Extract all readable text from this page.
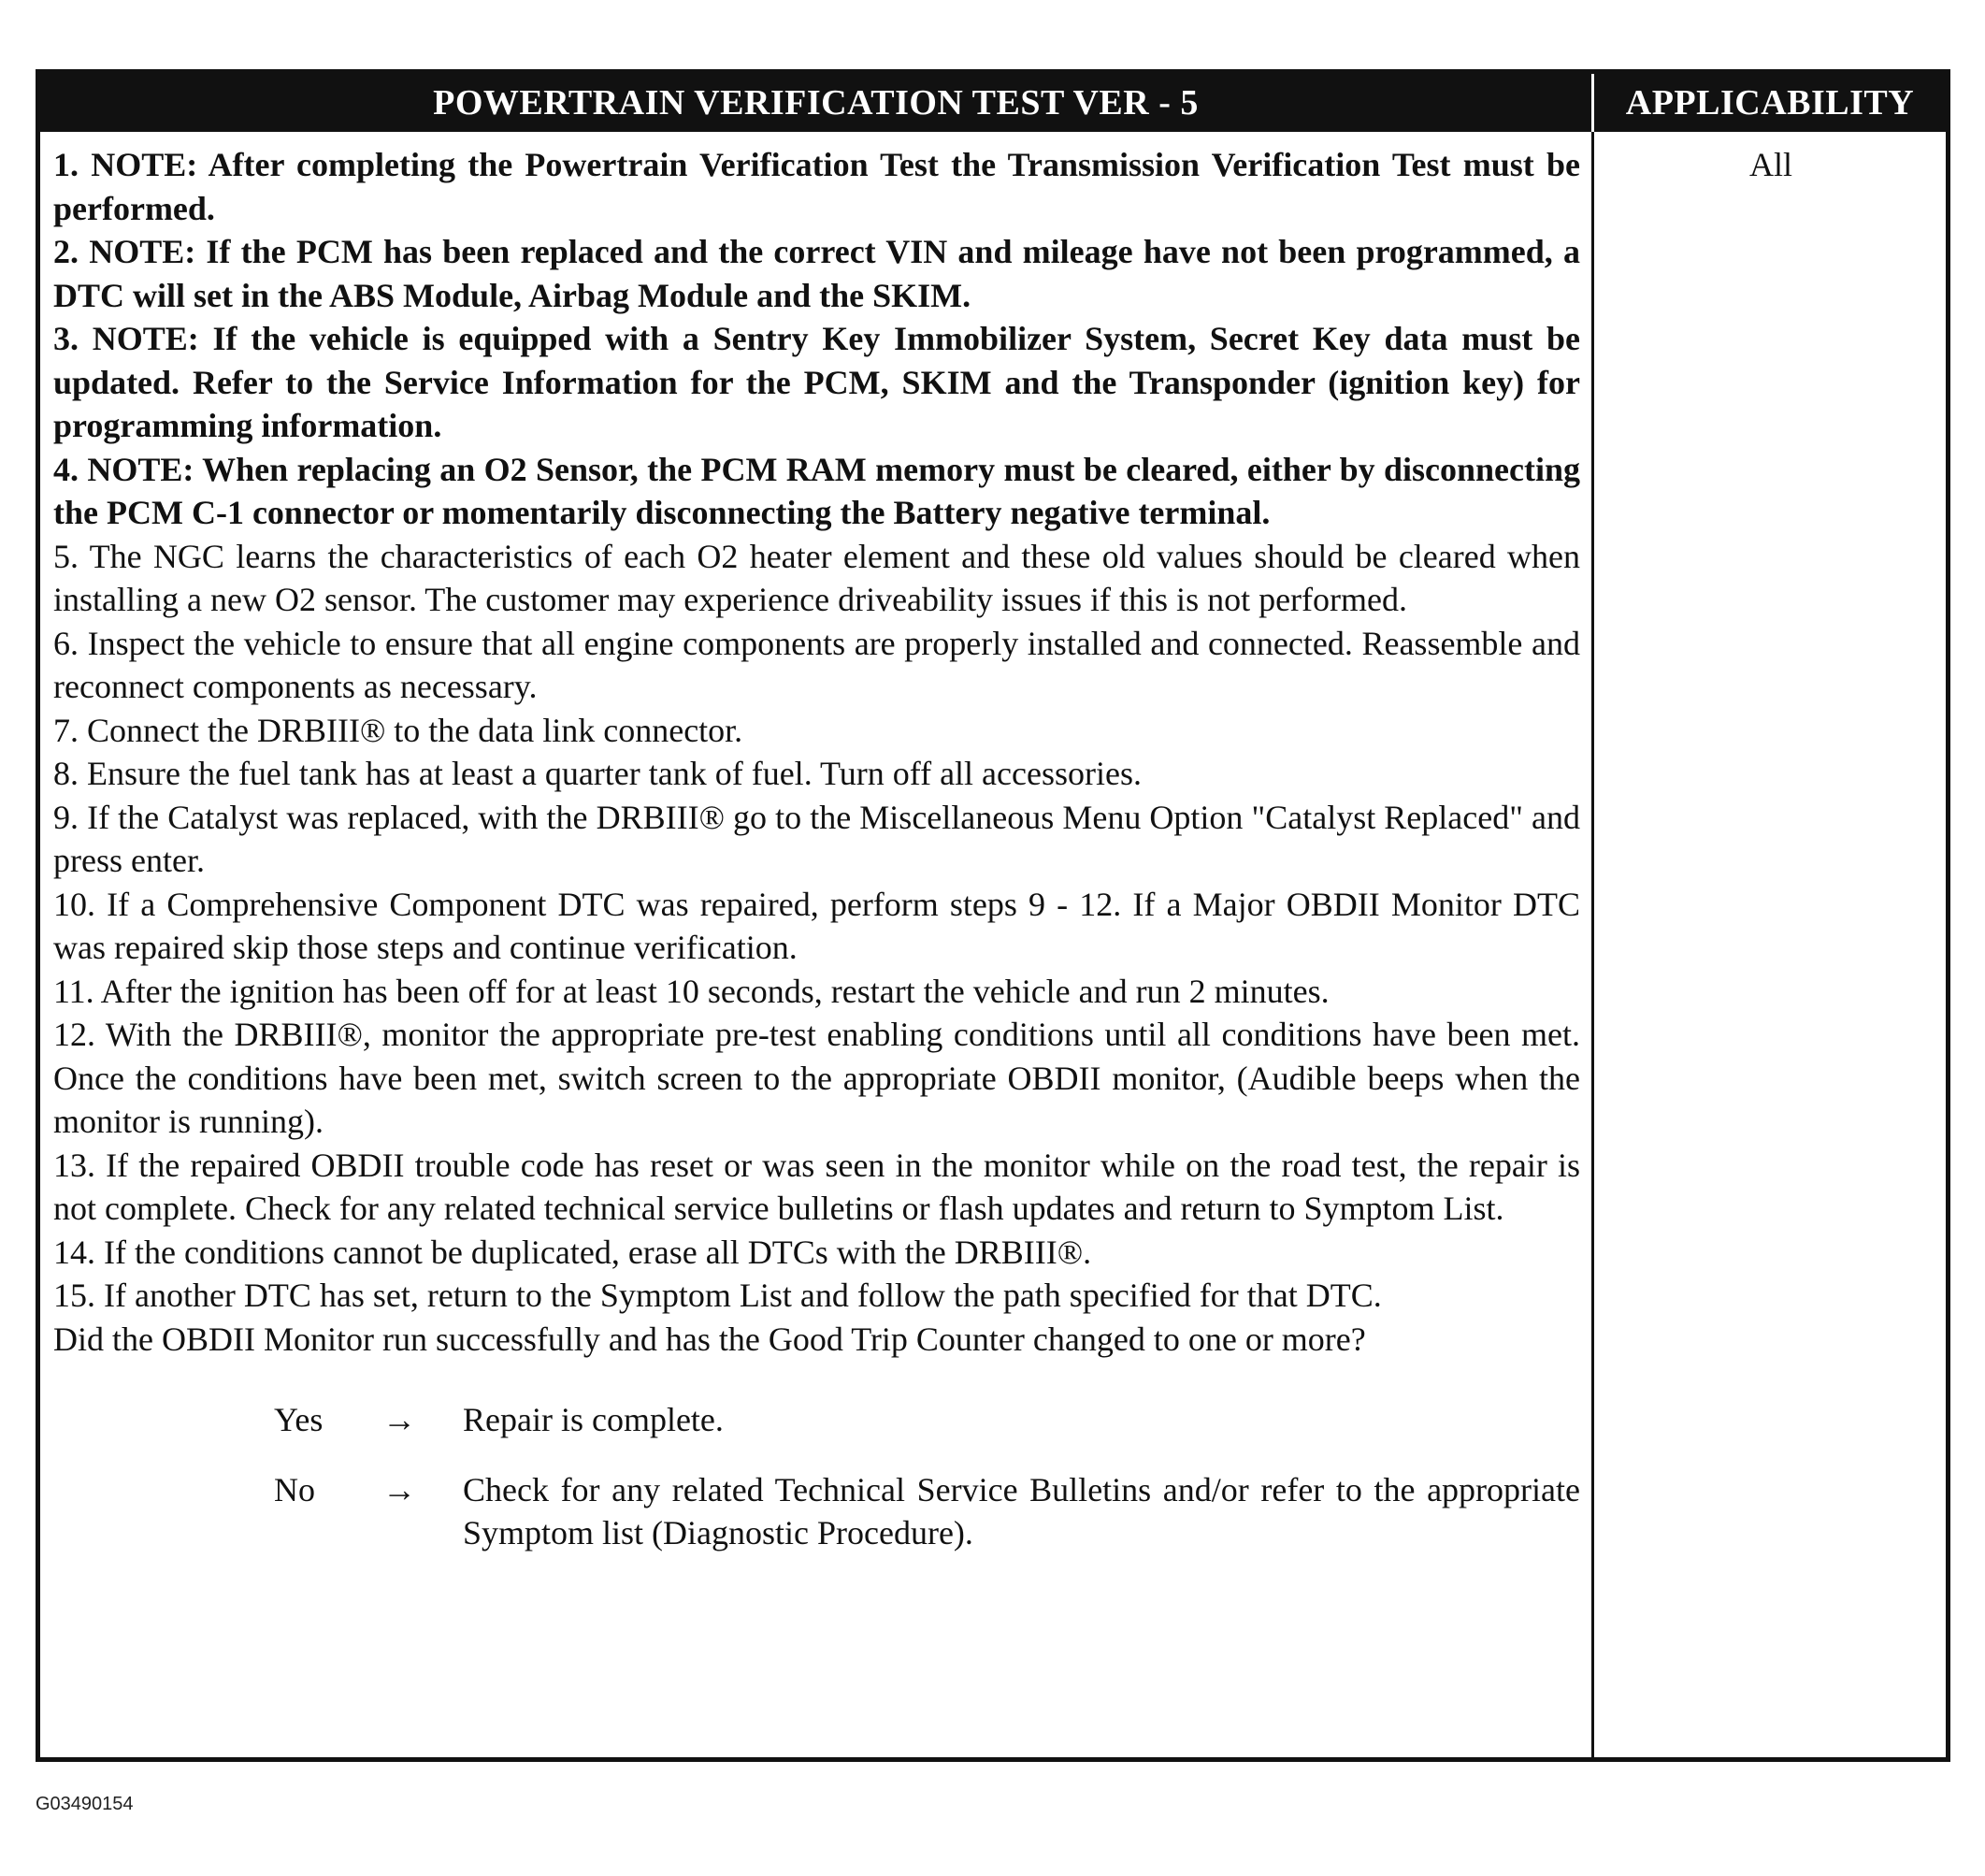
POWERTRAIN VERIFICATION TEST VER - 5	APPLICABILITY

1. NOTE: After completing the Powertrain Verification Test the Transmission Verification Test must be performed.

2. NOTE: If the PCM has been replaced and the correct VIN and mileage have not been programmed, a DTC will set in the ABS Module, Airbag Module and the SKIM.

3. NOTE: If the vehicle is equipped with a Sentry Key Immobilizer System, Secret Key data must be updated. Refer to the Service Information for the PCM, SKIM and the Transponder (ignition key) for programming information.

4. NOTE: When replacing an O2 Sensor, the PCM RAM memory must be cleared, either by disconnecting the PCM C-1 connector or momentarily disconnecting the Battery negative terminal.

5. The NGC learns the characteristics of each O2 heater element and these old values should be cleared when installing a new O2 sensor. The customer may experience driveability issues if this is not performed.

6. Inspect the vehicle to ensure that all engine components are properly installed and connected. Reassemble and reconnect components as necessary.

7. Connect the DRBIII® to the data link connector.

8. Ensure the fuel tank has at least a quarter tank of fuel. Turn off all accessories.

9. If the Catalyst was replaced, with the DRBIII® go to the Miscellaneous Menu Option "Catalyst Replaced" and press enter.

10. If a Comprehensive Component DTC was repaired, perform steps 9 - 12. If a Major OBDII Monitor DTC was repaired skip those steps and continue verification.

11. After the ignition has been off for at least 10 seconds, restart the vehicle and run 2 minutes.

12. With the DRBIII®, monitor the appropriate pre-test enabling conditions until all conditions have been met. Once the conditions have been met, switch screen to the appropriate OBDII monitor, (Audible beeps when the monitor is running).

13. If the repaired OBDII trouble code has reset or was seen in the monitor while on the road test, the repair is not complete. Check for any related technical service bulletins or flash updates and return to Symptom List.

14. If the conditions cannot be duplicated, erase all DTCs with the DRBIII®.

15. If another DTC has set, return to the Symptom List and follow the path specified for that DTC.

Did the OBDII Monitor run successfully and has the Good Trip Counter changed to one or more?

Yes	→	Repair is complete.
No	→	Check for any related Technical Service Bulletins and/or refer to the appropriate Symptom list (Diagnostic Procedure).
All
G03490154
